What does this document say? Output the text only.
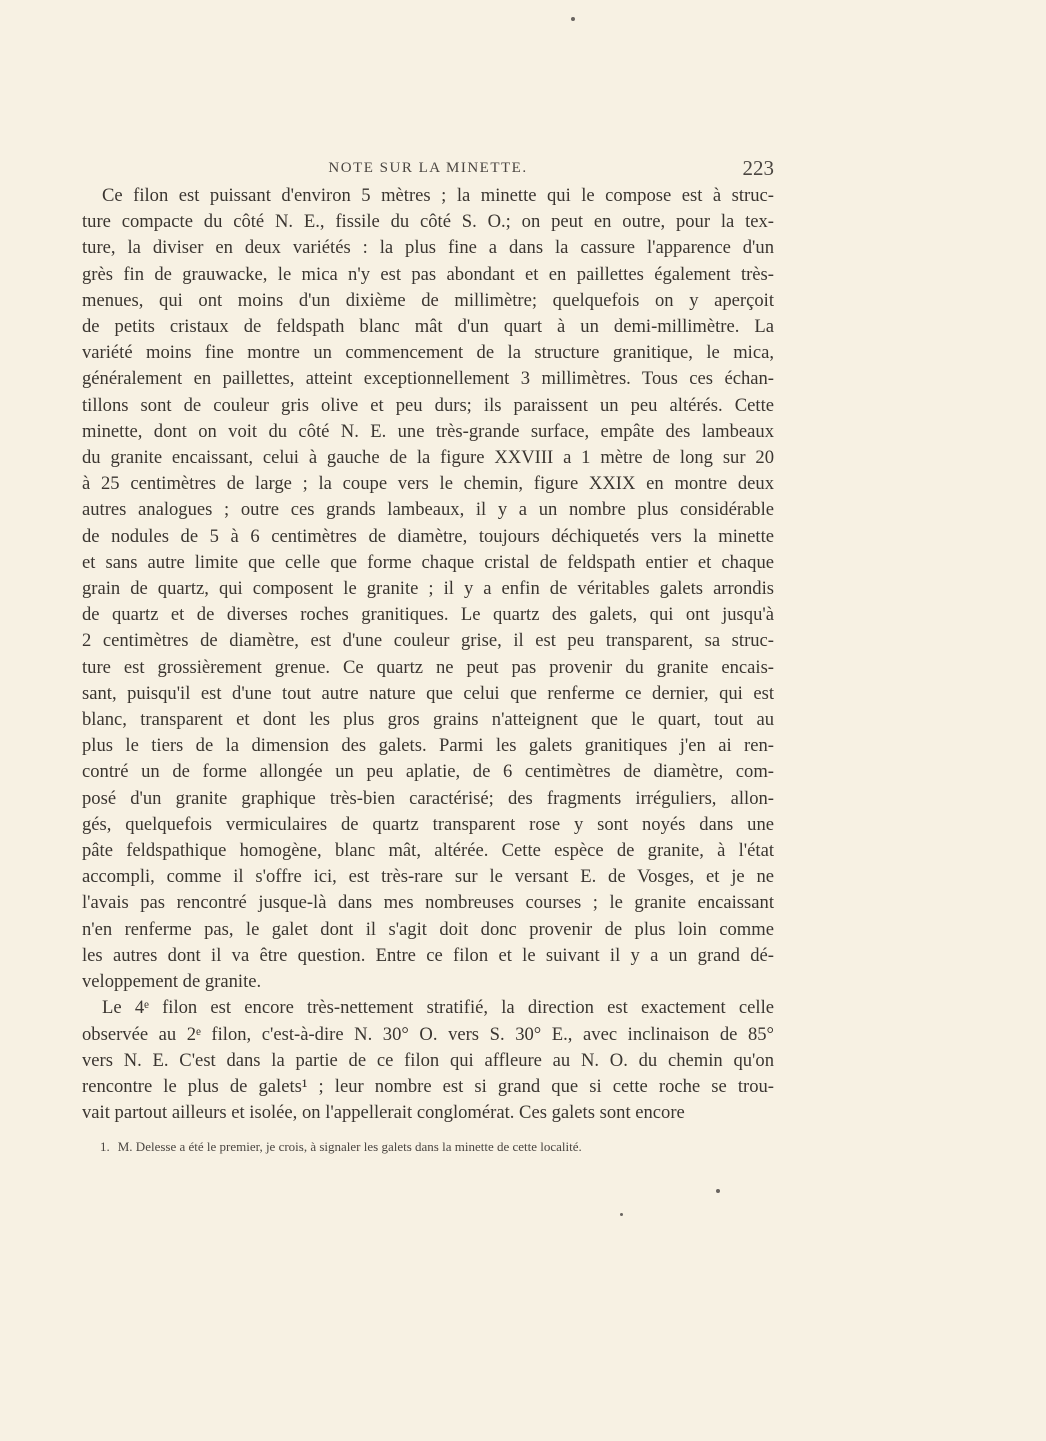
NOTE SUR LA MINETTE.	223
Ce filon est puissant d'environ 5 mètres ; la minette qui le compose est à struc-
ture compacte du côté N. E., fissile du côté S. O.; on peut en outre, pour la tex-
ture, la diviser en deux variétés : la plus fine a dans la cassure l'apparence d'un
grès fin de grauwacke, le mica n'y est pas abondant et en paillettes également très-
menues, qui ont moins d'un dixième de millimètre; quelquefois on y aperçoit
de petits cristaux de feldspath blanc mât d'un quart à un demi-millimètre. La
variété moins fine montre un commencement de la structure granitique, le mica,
généralement en paillettes, atteint exceptionnellement 3 millimètres. Tous ces échan-
tillons sont de couleur gris olive et peu durs; ils paraissent un peu altérés. Cette
minette, dont on voit du côté N. E. une très-grande surface, empâte des lambeaux
du granite encaissant, celui à gauche de la figure XXVIII a 1 mètre de long sur 20
à 25 centimètres de large ; la coupe vers le chemin, figure XXIX en montre deux
autres analogues ; outre ces grands lambeaux, il y a un nombre plus considérable
de nodules de 5 à 6 centimètres de diamètre, toujours déchiquetés vers la minette
et sans autre limite que celle que forme chaque cristal de feldspath entier et chaque
grain de quartz, qui composent le granite ; il y a enfin de véritables galets arrondis
de quartz et de diverses roches granitiques. Le quartz des galets, qui ont jusqu'à
2 centimètres de diamètre, est d'une couleur grise, il est peu transparent, sa struc-
ture est grossièrement grenue. Ce quartz ne peut pas provenir du granite encais-
sant, puisqu'il est d'une tout autre nature que celui que renferme ce dernier, qui est
blanc, transparent et dont les plus gros grains n'atteignent que le quart, tout au
plus le tiers de la dimension des galets. Parmi les galets granitiques j'en ai ren-
contré un de forme allongée un peu aplatie, de 6 centimètres de diamètre, com-
posé d'un granite graphique très-bien caractérisé; des fragments irréguliers, allon-
gés, quelquefois vermiculaires de quartz transparent rose y sont noyés dans une
pâte feldspathique homogène, blanc mât, altérée. Cette espèce de granite, à l'état
accompli, comme il s'offre ici, est très-rare sur le versant E. de Vosges, et je ne
l'avais pas rencontré jusque-là dans mes nombreuses courses ; le granite encaissant
n'en renferme pas, le galet dont il s'agit doit donc provenir de plus loin comme
les autres dont il va être question. Entre ce filon et le suivant il y a un grand dé-
veloppement de granite.
Le 4ᵉ filon est encore très-nettement stratifié, la direction est exactement celle
observée au 2ᵉ filon, c'est-à-dire N. 30° O. vers S. 30° E., avec inclinaison de 85°
vers N. E. C'est dans la partie de ce filon qui affleure au N. O. du chemin qu'on
rencontre le plus de galets¹ ; leur nombre est si grand que si cette roche se trou-
vait partout ailleurs et isolée, on l'appellerait conglomérat. Ces galets sont encore
1. M. Delesse a été le premier, je crois, à signaler les galets dans la minette de cette localité.
